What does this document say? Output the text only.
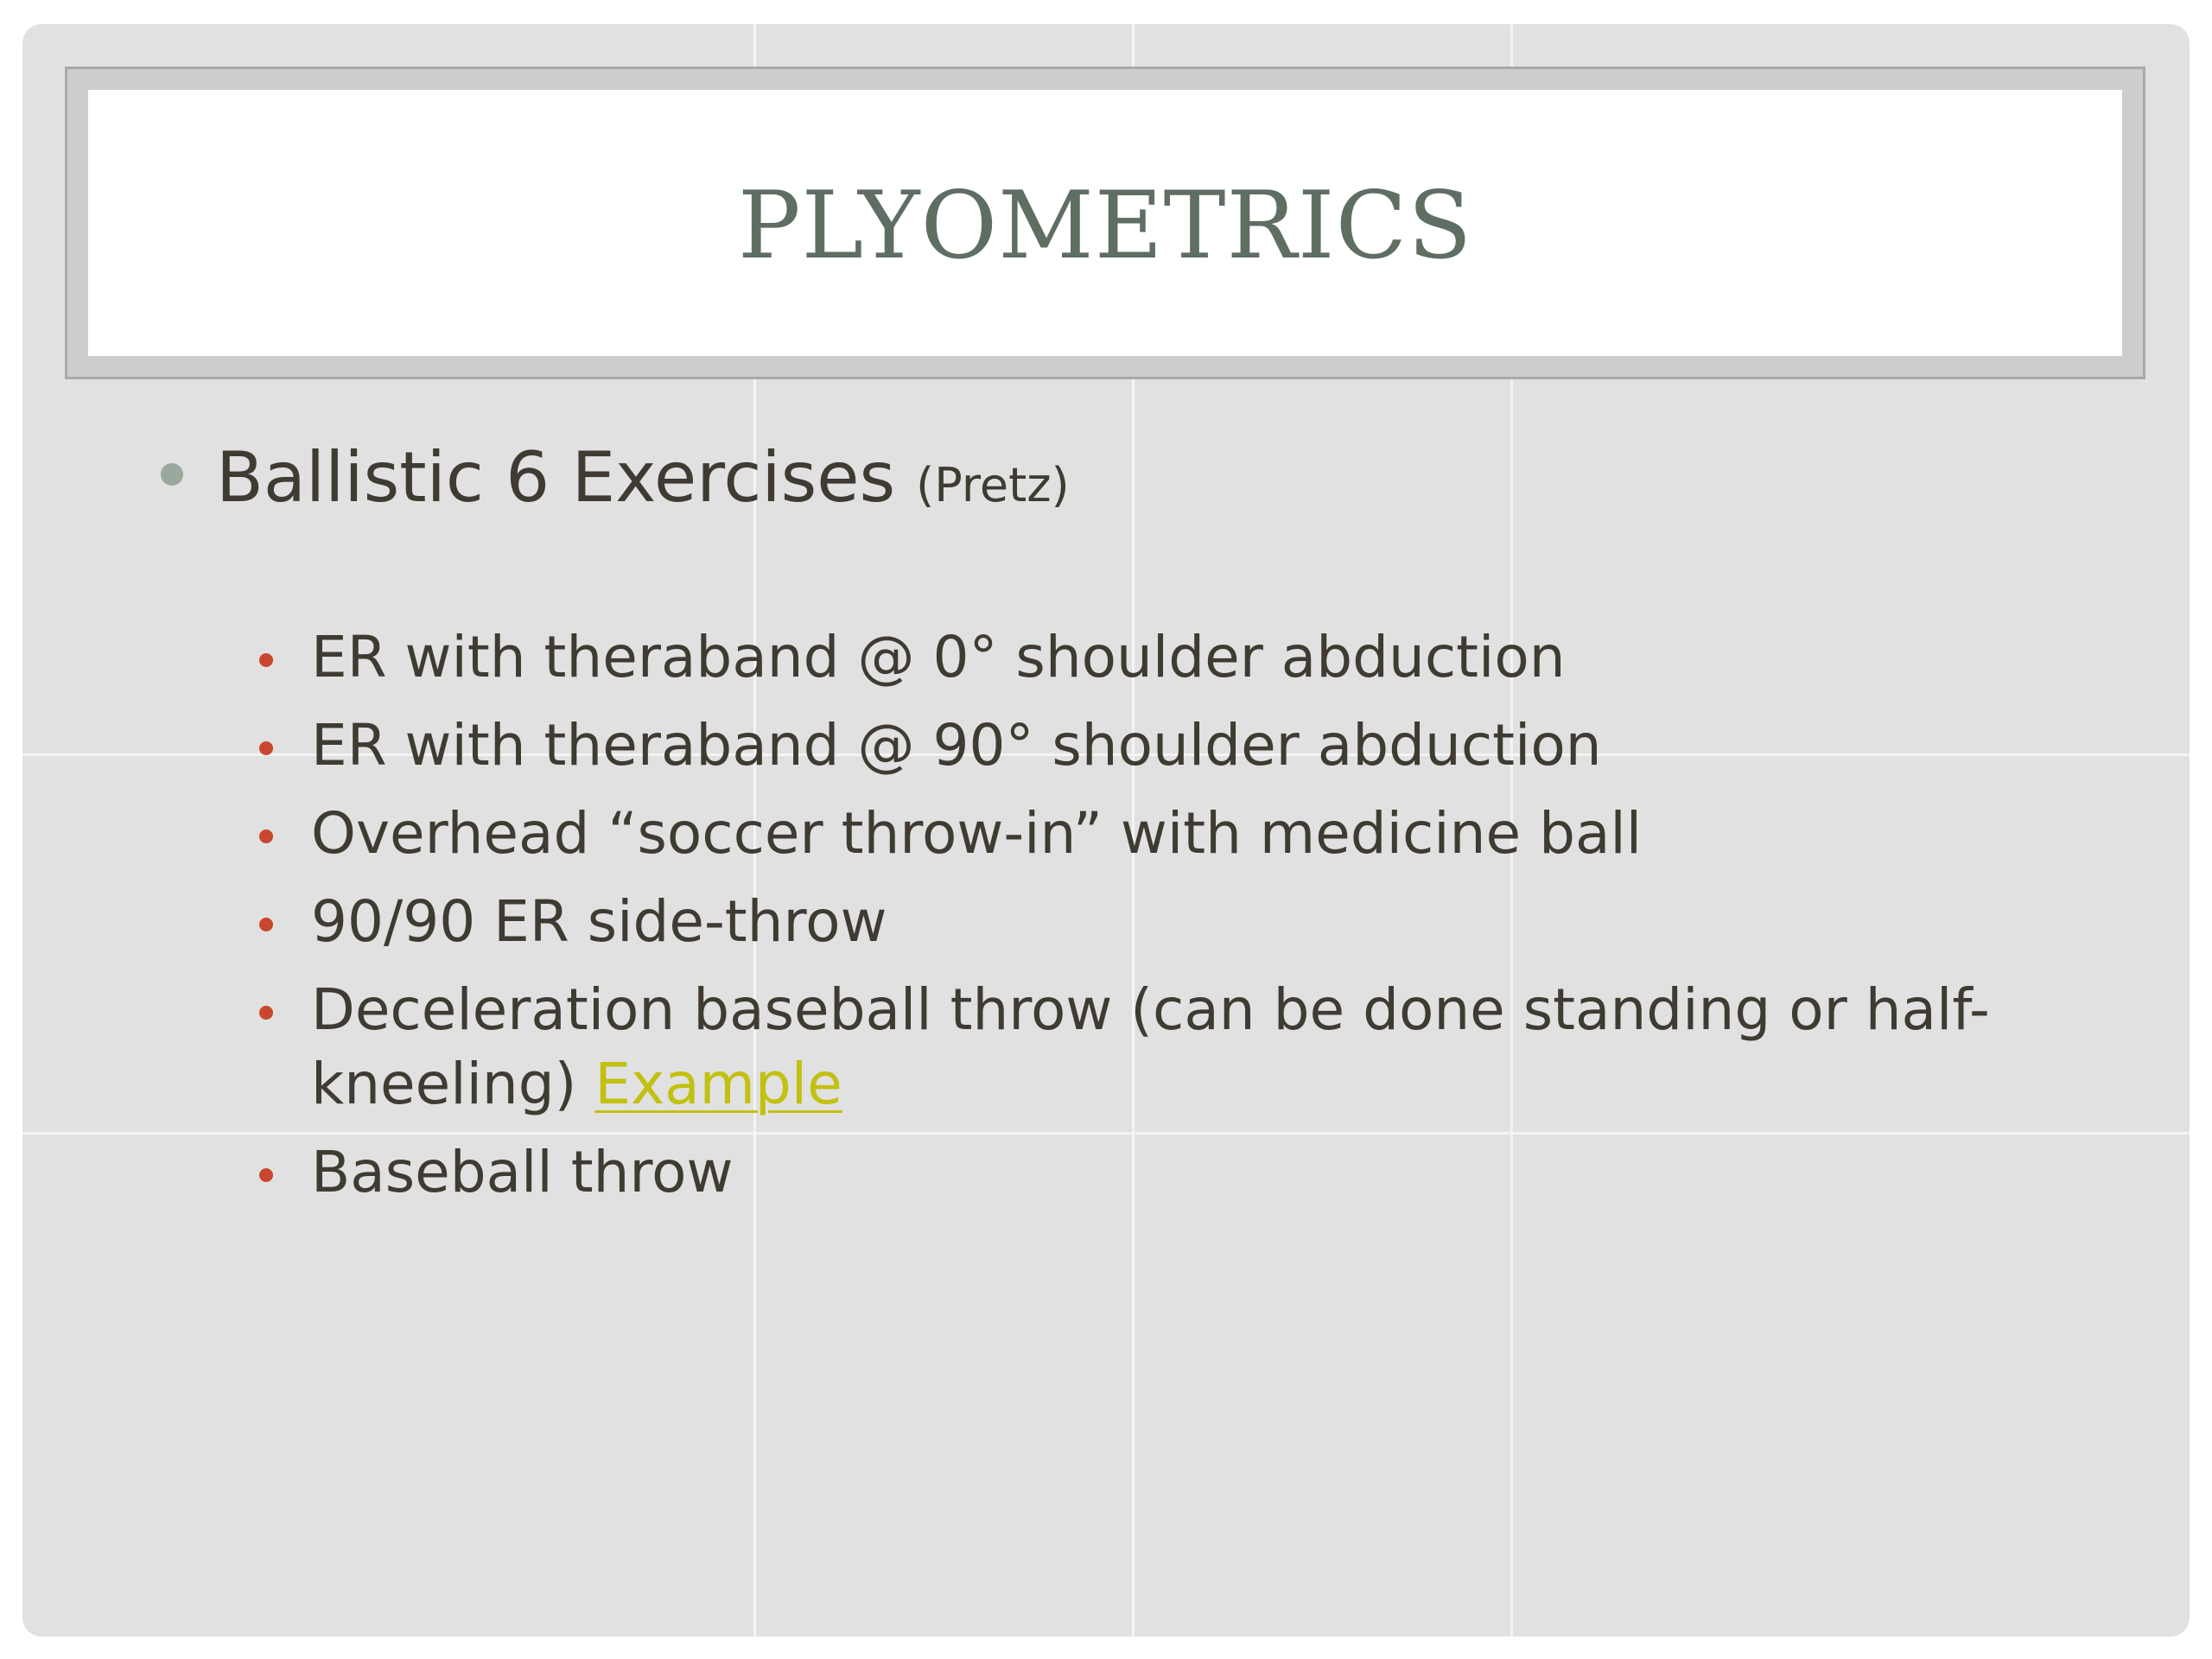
PLYOMETRICS
Ballistic 6 Exercises (Pretz)
ER with theraband @ 0° shoulder abduction
ER with theraband @ 90° shoulder abduction
Overhead “soccer throw-in” with medicine ball
90/90 ER side-throw
Deceleration baseball throw (can be done standing or half-kneeling) Example
Baseball throw
